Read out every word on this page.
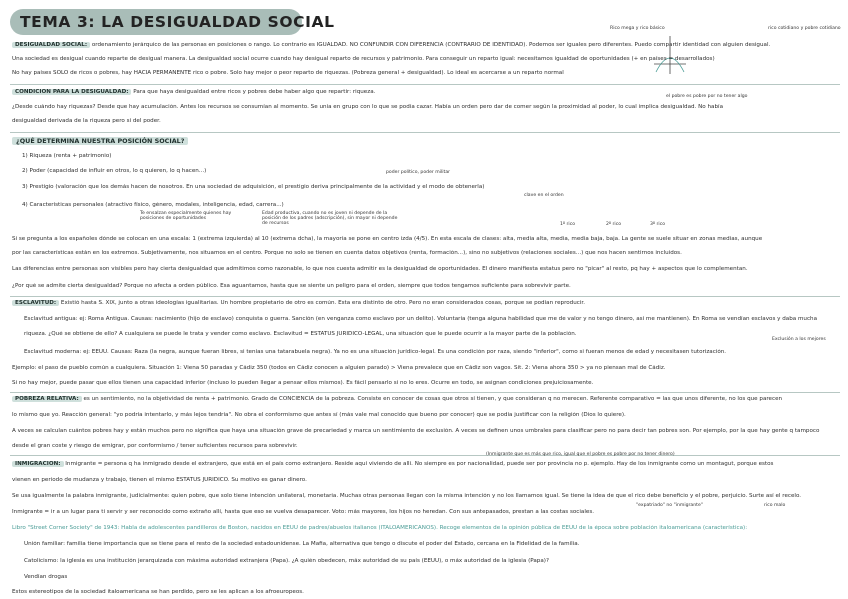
TEMA 3: LA DESIGUALDAD SOCIAL	Rico mega y rico básico	rico cotidiano y pobre cotidiano
DESIGUALDAD SOCIAL: ordenamiento jerárquico de las personas en posiciones o rango. Lo contrario es IGUALDAD. NO CONFUNDIR CON DIFERENCIA (CONTRARIO DE IDENTIDAD). Podemos ser iguales pero diferentes. Puedo compartir identidad con alguien desigual.
Una sociedad es desigual cuando reparte de desigual manera. La desigualdad social ocurre cuando hay desigual reparto de recursos y patrimonio. Para conseguir un reparto igual: necesitamos igualdad de oportunidades (+ en países = desarrollados)
No hay países SOLO de ricos o pobres, hay HACIA PERMANENTE rico o pobre. Solo hay mejor o peor reparto de riquezas. (Pobreza general + desigualdad). Lo ideal es acercarse a un reparto normal
el pobre es pobre por no tener algo
CONDICIÓN PARA LA DESIGUALDAD: Para que haya desigualdad entre ricos y pobres debe haber algo que repartir: riqueza.
¿Desde cuándo hay riquezas? Desde que hay acumulación. Antes los recursos se consumían al momento. Se unía en grupo con lo que se podía cazar. Había un orden pero dar de comer según la proximidad al poder, lo cual implica desigualdad. No había
desigualdad derivada de la riqueza pero sí del poder.
¿QUÉ DETERMINA NUESTRA POSICIÓN SOCIAL?
1) Riqueza (renta + patrimonio)
poder político, poder militar
2) Poder (capacidad de influir en otros, lo q quieren, lo q hacen...)
3) Prestigio (valoración que los demás hacen de nosotros. En una sociedad de adquisición, el prestigio deriva principalmente de la actividad y el modo de obtenerla)
clave en el orden
4) Características personales (atractivo físico, género, modales, inteligencia, edad, carrera...)
Te ensalzan especialmente quienes hay posiciones de oportunidades
Edad productiva, cuando no es joven ni depende de la posición de los padres (adscripción), sin mayor ni depende de recursos	1º rico	2º rico	3º rico
Si se pregunta a los españoles dónde se colocan en una escala: 1 (extrema izquierda) al 10 (extrema dcha), la mayoría se pone en centro izda (4/5). En esta escala de clases: alta, media alta, media, media baja, baja. La gente se suele situar en zonas medias, aunque
por las características están en los extremos. Subjetivamente, nos situamos en el centro. Porque no solo se tienen en cuenta datos objetivos (renta, formación...), sino no subjetivos (relaciones sociales...) que nos hacen sentirnos incluidos.
Las diferencias entre personas son visibles pero hay cierta desigualdad que admitimos como razonable, lo que nos cuesta admitir es la desigualdad de oportunidades. El dinero manifiesta estatus pero no "picar" al resto, pq hay + aspectos que lo complementan.
¿Por qué se admite cierta desigualdad? Porque no afecta a orden público. Esa aguantamos, hasta que se siente un peligro para el orden, siempre que todos tengamos suficiente para sobrevivir parte.
ESCLAVITUD: Existió hasta S. XIX, junto a otras ideologías igualitarias. Un hombre propietario de otro es común. Esta era distinto de otro. Pero no eran considerados cosas, porque se podían reproducir.
Esclavitud antigua: ej: Roma Antigua. Causas: nacimiento (hijo de esclavo) conquista o guerra. Sanción (en venganza como esclavo por un delito). Voluntaria (tenga alguna habilidad que me de valor y no tengo dinero, así me mantienen). En Roma se vendían esclavos y daba mucha
riqueza. ¿Qué se obtiene de ello? A cualquiera se puede le trata y vender como esclavo. Esclavitud = ESTATUS JURÍDICO-LEGAL, una situación que le puede ocurrir a la mayor parte de la población.
Exclusión a los mejores
Esclavitud moderna: ej: EEUU. Causas: Raza (la negra, aunque fueran libres, si tenías una tatarabuela negra). Ya no es una situación jurídico-legal. Es una condición por raza, siendo "inferior", como si fueran menos de edad y necesitasen tutorización.
Ejemplo: el paso de pueblo común a cualquiera. Situación 1: Viena 50 paradas y Cádiz 350 (todos en Cádiz conocen a alguien parado) > Viena prevalece que en Cádiz son vagos. Sit. 2: Viena ahora 350 > ya no piensan mal de Cádiz.
Si no hay mejor, puede pasar que ellos tienen una capacidad inferior (incluso lo pueden llegar a pensar ellos mismos). Es fácil pensarlo si no lo eres. Ocurre en todo, se asignan condiciones prejuiciosamente.
POBREZA RELATIVA: es un sentimiento, no la objetividad de renta + patrimonio. Grado de CONCIENCIA de la pobreza. Consiste en conocer de cosas que otros sí tienen, y que consideran q no merecen. Referente comparativo = las que unos diferente, no los que parecen
lo mismo que yo. Reacción general: "yo podría intentarlo, y más lejos tendría". No obra el conformismo que antes sí (más vale mal conocido que bueno por conocer) que se podía justificar con la religión (Dios lo quiere).
A veces se calculan cuántos pobres hay y están muchos pero no significa que haya una situación grave de precariedad y marca un sentimiento de exclusión. A veces se definen unos umbrales para clasificar pero no para decir tan pobres son. Por ejemplo, por la que hay gente q tampoco
desde el gran coste y riesgo de emigrar, por conformismo / tener suficientes recursos para sobrevivir.
(Inmigrante que es más que rico, igual que el pobre es pobre por no tener dinero)
INMIGRACIÓN: Inmigrante = persona q ha inmigrado desde el extranjero, que está en el país como extranjero. Reside aquí viviendo de allí. No siempre es por nacionalidad, puede ser por provincia no p. ejemplo. Hay de los inmigrante como un montagut, porque estos
vienen en periodo de mudanza y trabajo, tienen el mismo ESTATUS JURÍDICO. Su motivo es ganar dinero.
Se usa igualmente la palabra inmigrante, judicialmente: quien pobre, que solo tiene intención unilateral, monetaria. Muchas otras personas llegan con la misma intención y no los llamamos igual. Se tiene la idea de que el rico debe beneficio y el pobre, perjuicio. Surte así el recelo.
"expatriado" no "inmigrante"	rico malo
Inmigrante = ir a un lugar para ti servir y ser reconocido como extraño allí, hasta que eso se vuelva desaparecer. Voto: más mayores, los hijos no heredan. Con sus antepasados, prestan a las costas sociales.
Libro "Street Corner Society" de 1943: Habla de adolescentes pandilleros de Boston, nacidos en EEUU de padres/abuelos italianos (ITALOAMERICANOS). Recoge elementos de la opinión pública de EEUU de la época sobre población italoamericana (característica):
Unión familiar: familia tiene importancia que se tiene para el resto de la sociedad estadounidense. La Mafia, alternativa que tengo o discute el poder del Estado, cercana en la Fidelidad de la familia.
Catolicismo: la iglesia es una institución jerarquizada con máxima autoridad extranjera (Papa). ¿A quién obedecen, máx autoridad de su país (EEUU), o máx autoridad de la iglesia (Papa)?
Vendían drogas
Estos estereotipos de la sociedad italoamericana se han perdido, pero se les aplican a los afroeuropeos.
